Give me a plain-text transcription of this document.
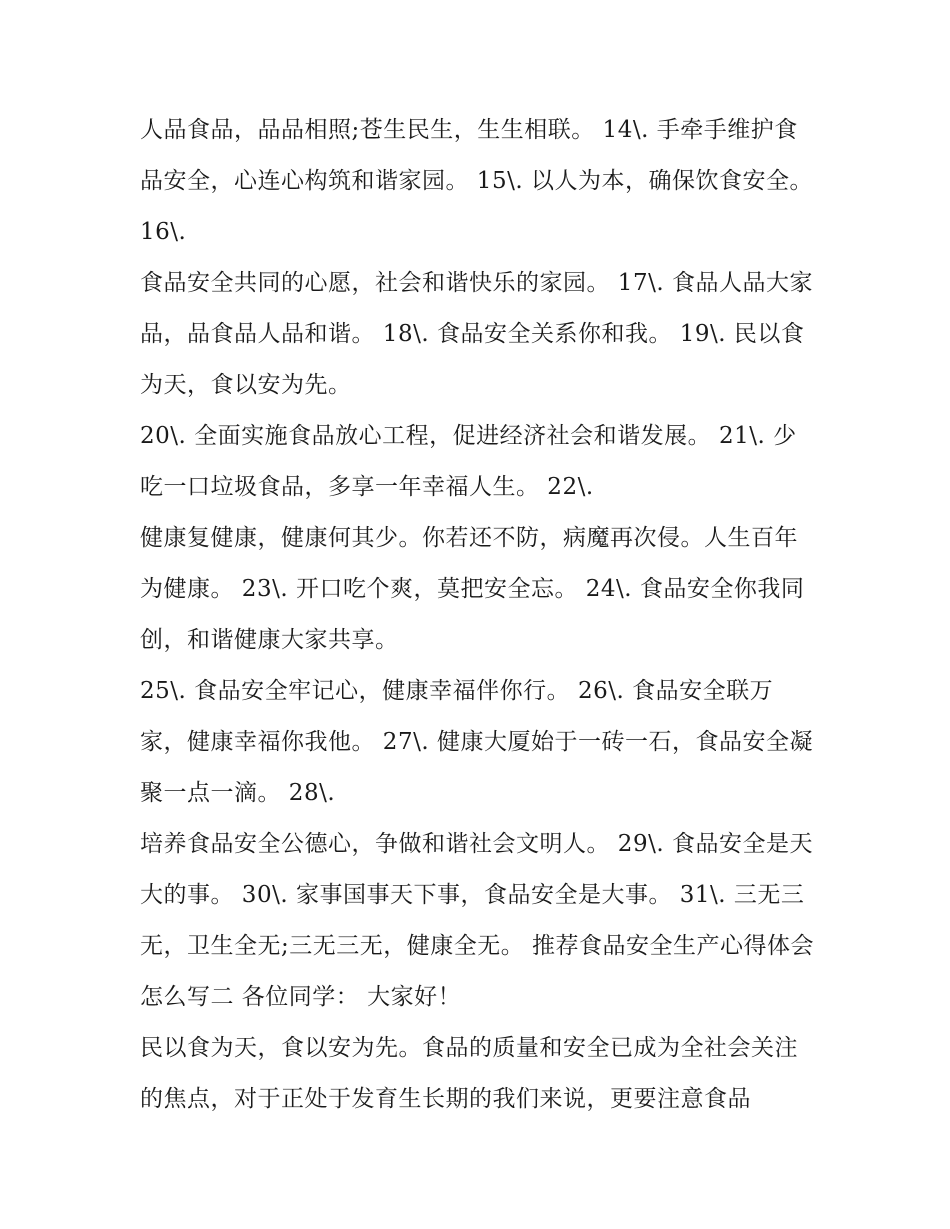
人品食品，品品相照;苍生民生，生生相联。 14\. 手牵手维护食品安全，心连心构筑和谐家园。 15\. 以人为本，确保饮食安全。 16\.

食品安全共同的心愿，社会和谐快乐的家园。 17\. 食品人品大家品，品食品人品和谐。 18\. 食品安全关系你和我。 19\. 民以食为天，食以安为先。

20\. 全面实施食品放心工程，促进经济社会和谐发展。 21\. 少吃一口垃圾食品，多享一年幸福人生。 22\.

健康复健康，健康何其少。你若还不防，病魔再次侵。人生百年为健康。 23\. 开口吃个爽，莫把安全忘。 24\. 食品安全你我同创，和谐健康大家共享。

25\. 食品安全牢记心，健康幸福伴你行。 26\. 食品安全联万家，健康幸福你我他。 27\. 健康大厦始于一砖一石，食品安全凝聚一点一滴。 28\.

培养食品安全公德心，争做和谐社会文明人。 29\. 食品安全是天大的事。 30\. 家事国事天下事，食品安全是大事。 31\. 三无三无，卫生全无;三无三无，健康全无。 推荐食品安全生产心得体会怎么写二 各位同学： 大家好！

民以食为天，食以安为先。食品的质量和安全已成为全社会关注的焦点，对于正处于发育生长期的我们来说，更要注意食品
